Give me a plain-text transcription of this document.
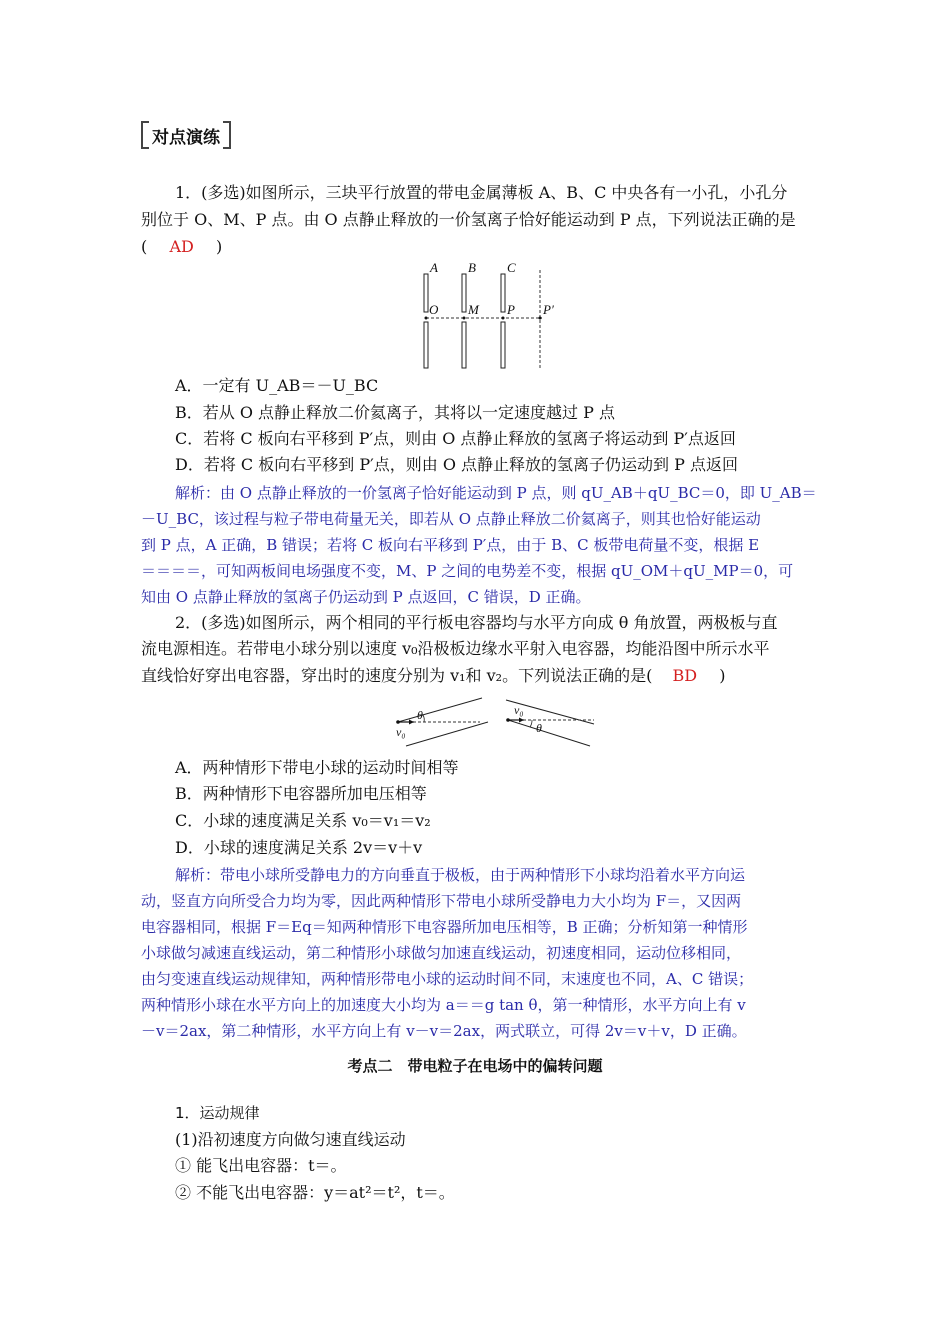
对点演练
1．(多选)如图所示，三块平行放置的带电金属薄板 A、B、C 中央各有一小孔，小孔分
别位于 O、M、P 点。由 O 点静止释放的一价氢离子恰好能运动到 P 点，下列说法正确的是
( AD )
A B C
O M P P′
A．一定有 U_AB＝－U_BC
B．若从 O 点静止释放二价氦离子，其将以一定速度越过 P 点
C．若将 C 板向右平移到 P′点，则由 O 点静止释放的氢离子将运动到 P′点返回
D．若将 C 板向右平移到 P′点，则由 O 点静止释放的氢离子仍运动到 P 点返回
解析：由 O 点静止释放的一价氢离子恰好能运动到 P 点，则 qU_AB＋qU_BC＝0，即 U_AB＝
－U_BC，该过程与粒子带电荷量无关，即若从 O 点静止释放二价氦离子，则其也恰好能运动
到 P 点，A 正确，B 错误；若将 C 板向右平移到 P′点，由于 B、C 板带电荷量不变，根据 E
＝＝＝＝，可知两板间电场强度不变，M、P 之间的电势差不变，根据 qU_OM＋qU_MP＝0，可
知由 O 点静止释放的氢离子仍运动到 P 点返回，C 错误，D 正确。
2．(多选)如图所示，两个相同的平行板电容器均与水平方向成 θ 角放置，两极板与直
流电源相连。若带电小球分别以速度 v₀沿极板边缘水平射入电容器，均能沿图中所示水平
直线恰好穿出电容器，穿出时的速度分别为 v₁和 v₂。下列说法正确的是( BD )
θ
v₀
v₀
θ
A．两种情形下带电小球的运动时间相等
B．两种情形下电容器所加电压相等
C．小球的速度满足关系 v₀＝v₁＝v₂
D．小球的速度满足关系 2v＝v＋v
解析：带电小球所受静电力的方向垂直于极板，由于两种情形下小球均沿着水平方向运
动，竖直方向所受合力均为零，因此两种情形下带电小球所受静电力大小均为 F＝，又因两
电容器相同，根据 F＝Eq＝知两种情形下电容器所加电压相等，B 正确；分析知第一种情形
小球做匀减速直线运动，第二种情形小球做匀加速直线运动，初速度相同，运动位移相同，
由匀变速直线运动规律知，两种情形带电小球的运动时间不同，末速度也不同，A、C 错误；
两种情形小球在水平方向上的加速度大小均为 a＝＝g tan θ，第一种情形，水平方向上有 v
－v＝2ax，第二种情形，水平方向上有 v－v＝2ax，两式联立，可得 2v＝v＋v，D 正确。
考点二　带电粒子在电场中的偏转问题
1．运动规律
(1)沿初速度方向做匀速直线运动
① 能飞出电容器：t＝。
② 不能飞出电容器：y＝at²＝t²，t＝。
